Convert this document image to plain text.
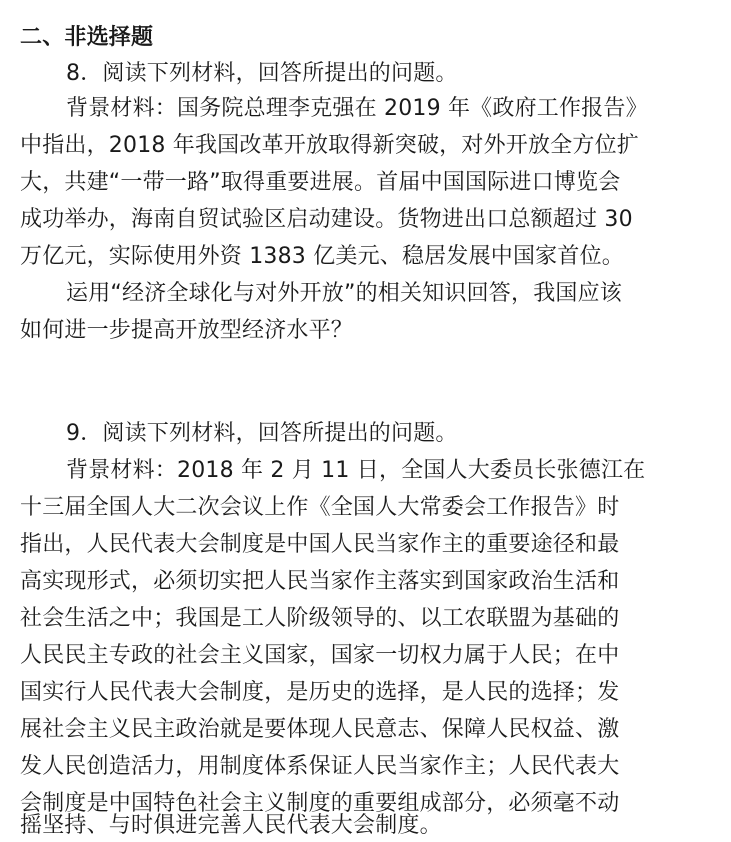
二、非选择题
8．阅读下列材料，回答所提出的问题。
背景材料：国务院总理李克强在 2019 年《政府工作报告》
中指出，2018 年我国改革开放取得新突破，对外开放全方位扩
大，共建“一带一路”取得重要进展。首届中国国际进口博览会
成功举办，海南自贸试验区启动建设。货物进出口总额超过 30
万亿元，实际使用外资 1383 亿美元、稳居发展中国家首位。
运用“经济全球化与对外开放”的相关知识回答，我国应该
如何进一步提高开放型经济水平？
9．阅读下列材料，回答所提出的问题。
背景材料：2018 年 2 月 11 日，全国人大委员长张德江在
十三届全国人大二次会议上作《全国人大常委会工作报告》时
指出，人民代表大会制度是中国人民当家作主的重要途径和最
高实现形式，必须切实把人民当家作主落实到国家政治生活和
社会生活之中；我国是工人阶级领导的、以工农联盟为基础的
人民民主专政的社会主义国家，国家一切权力属于人民；在中
国实行人民代表大会制度，是历史的选择，是人民的选择；发
展社会主义民主政治就是要体现人民意志、保障人民权益、激
发人民创造活力，用制度体系保证人民当家作主；人民代表大
会制度是中国特色社会主义制度的重要组成部分，必须毫不动
摇坚持、与时俱进完善人民代表大会制度。
